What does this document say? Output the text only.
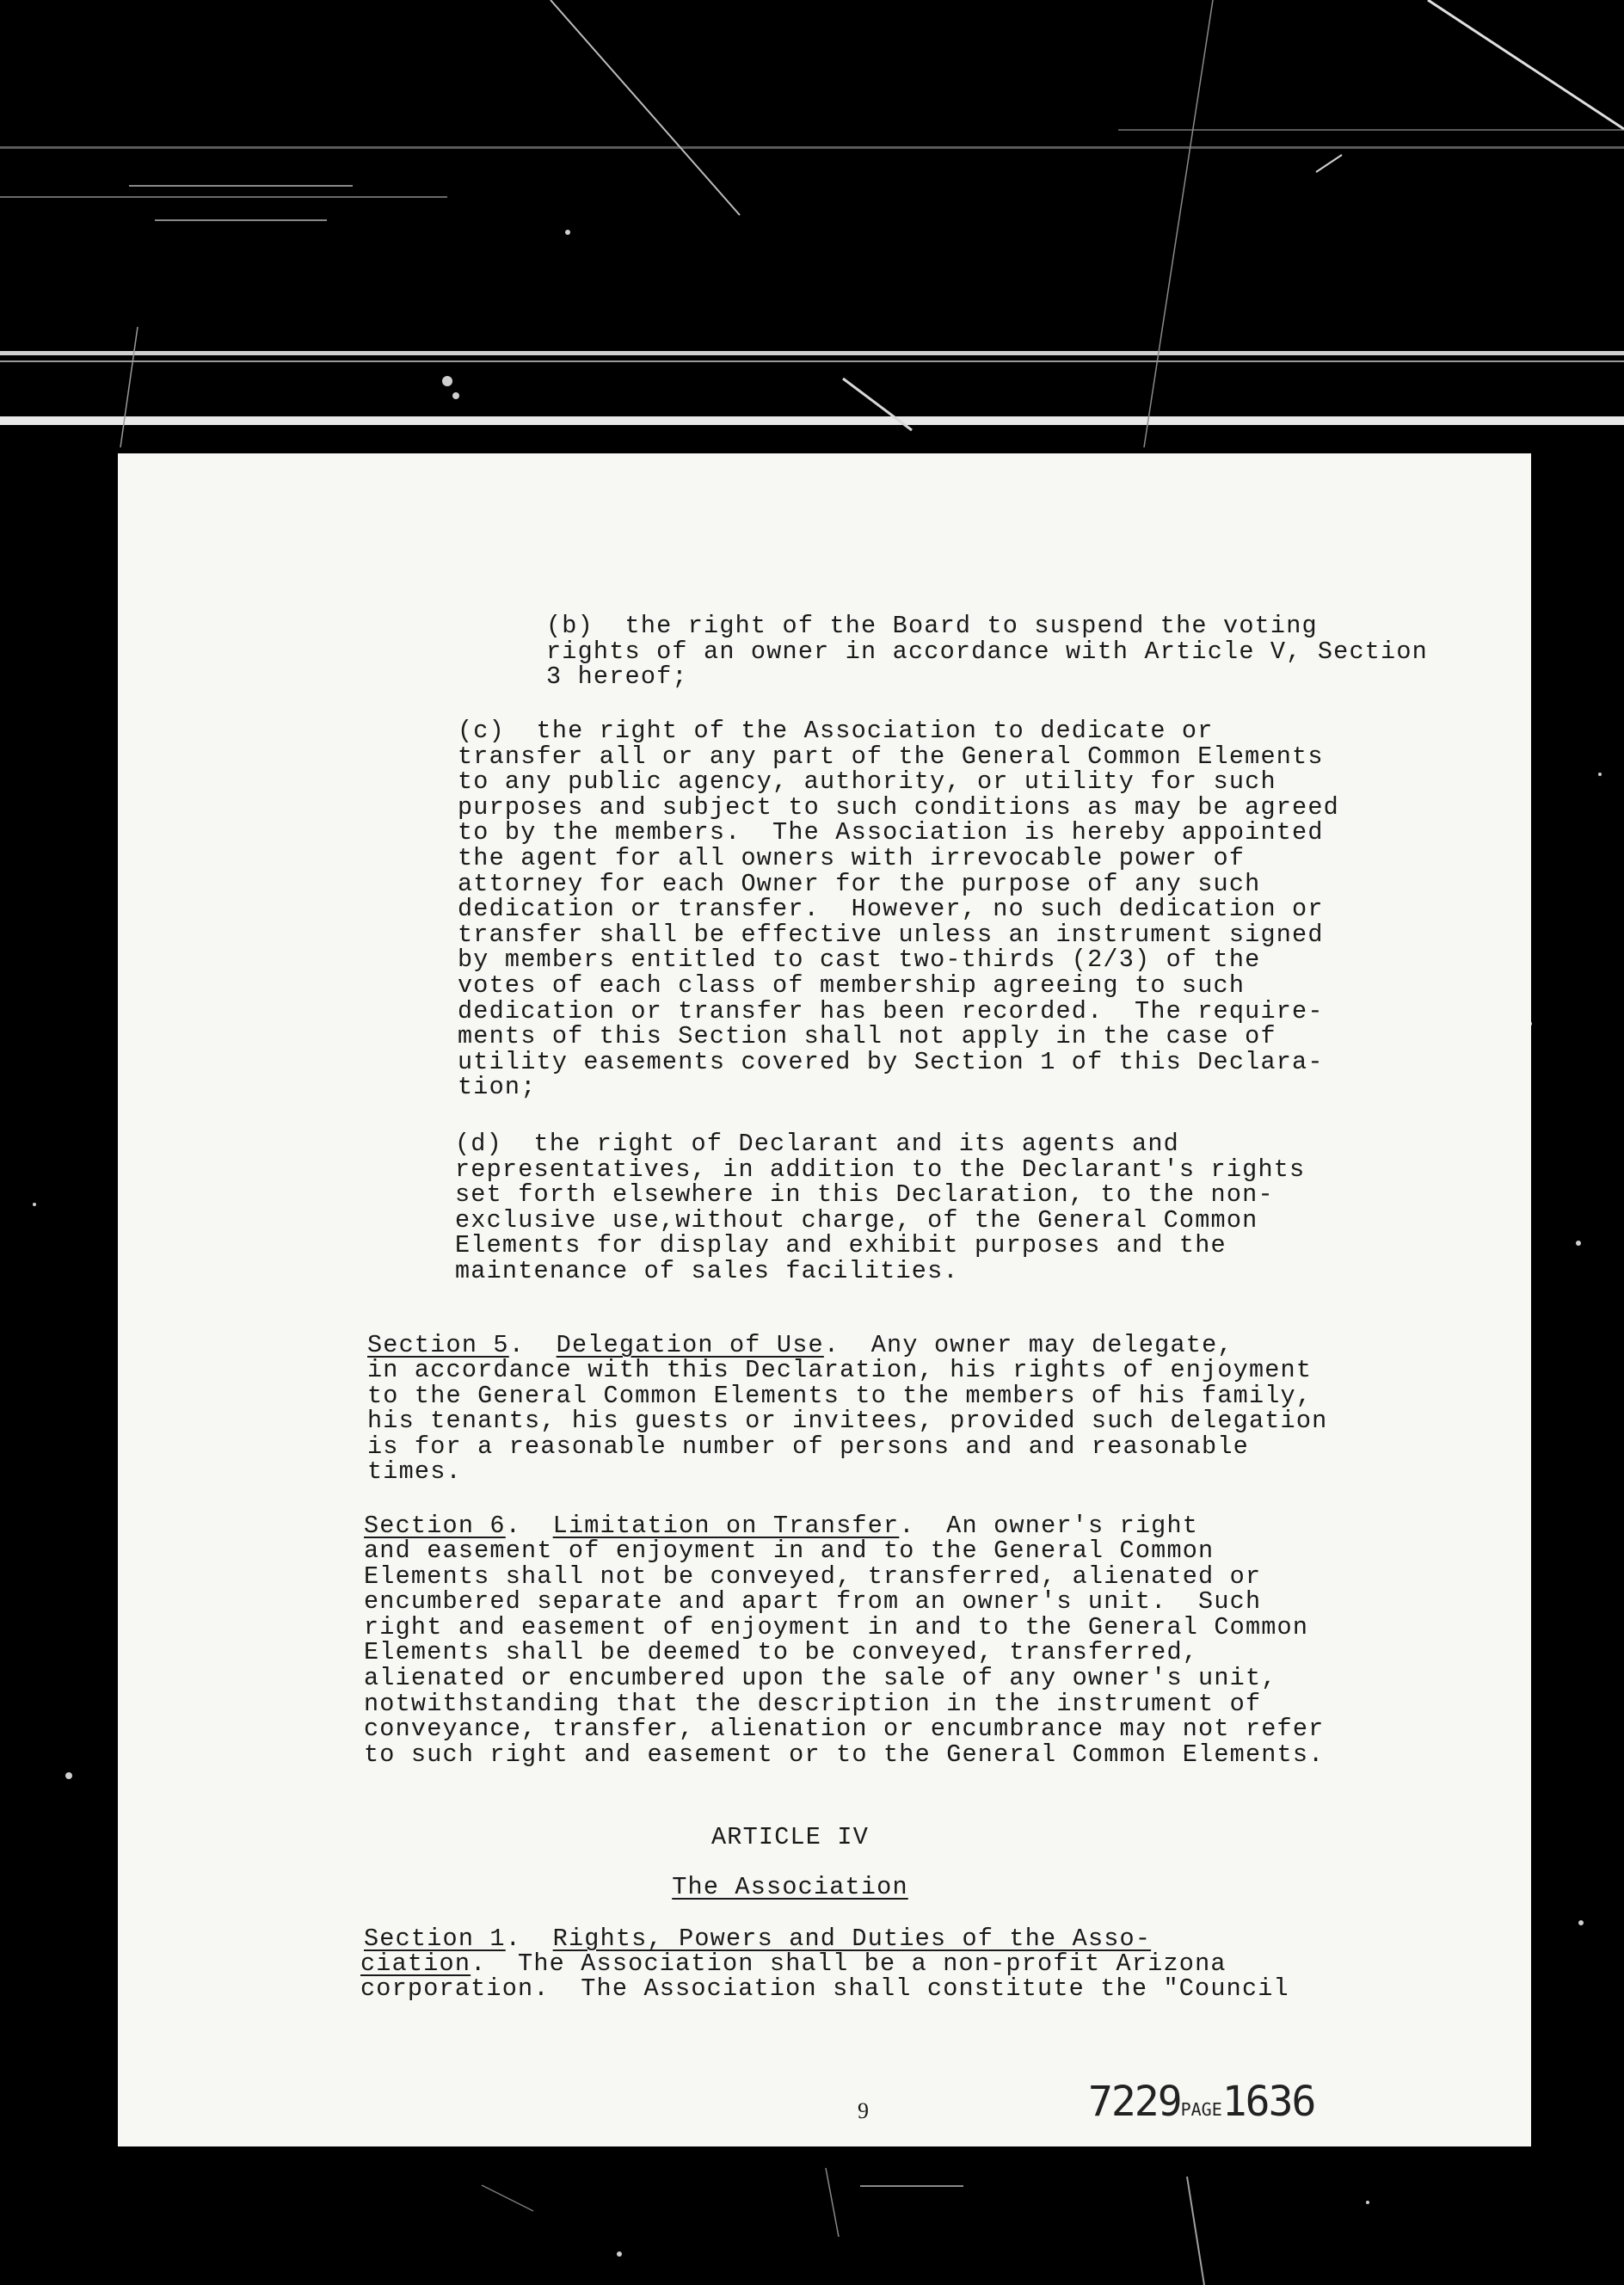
(b)  the right of the Board to suspend the voting
rights of an owner in accordance with Article V, Section
3 hereof;

(c)  the right of the Association to dedicate or
transfer all or any part of the General Common Elements
to any public agency, authority, or utility for such
purposes and subject to such conditions as may be agreed
to by the members.  The Association is hereby appointed
the agent for all owners with irrevocable power of
attorney for each Owner for the purpose of any such
dedication or transfer.  However, no such dedication or
transfer shall be effective unless an instrument signed
by members entitled to cast two-thirds (2/3) of the
votes of each class of membership agreeing to such
dedication or transfer has been recorded.  The require-
ments of this Section shall not apply in the case of
utility easements covered by Section 1 of this Declara-
tion;

(d)  the right of Declarant and its agents and
representatives, in addition to the Declarant's rights
set forth elsewhere in this Declaration, to the non-
exclusive use,without charge, of the General Common
Elements for display and exhibit purposes and the
maintenance of sales facilities.

Section 5.  Delegation of Use.  Any owner may delegate,

in accordance with this Declaration, his rights of enjoyment
to the General Common Elements to the members of his family,
his tenants, his guests or invitees, provided such delegation
is for a reasonable number of persons and and reasonable
times.

Section 6.  Limitation on Transfer.  An owner's right

and easement of enjoyment in and to the General Common
Elements shall not be conveyed, transferred, alienated or
encumbered separate and apart from an owner's unit.  Such
right and easement of enjoyment in and to the General Common
Elements shall be deemed to be conveyed, transferred,
alienated or encumbered upon the sale of any owner's unit,
notwithstanding that the description in the instrument of
conveyance, transfer, alienation or encumbrance may not refer
to such right and easement or to the General Common Elements.

ARTICLE IV

The Association

Section 1.  Rights, Powers and Duties of the Asso-

ciation.  The Association shall be a non-profit Arizona

corporation.  The Association shall constitute the "Council

9	7229PAGE1636
